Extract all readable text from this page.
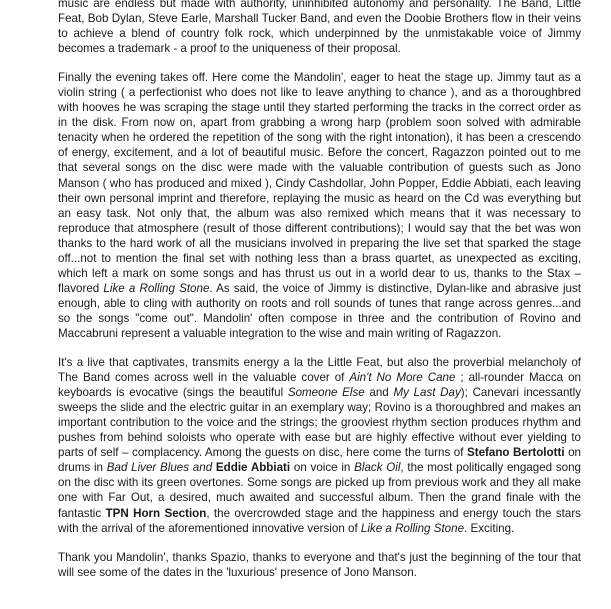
music are endless but made with authority, uninhibited autonomy and personality. The Band, Little Feat, Bob Dylan, Steve Earle, Marshall Tucker Band, and even the Doobie Brothers flow in their veins to achieve a blend of country folk rock, which underpinned by the unmistakable voice of Jimmy becomes a trademark - a proof to the uniqueness of their proposal.

Finally the evening takes off. Here come the Mandolin', eager to heat the stage up. Jimmy taut as a violin string ( a perfectionist who does not like to leave anything to chance ), and as a thoroughbred with hooves he was scraping the stage until they started performing the tracks in the correct order as in the disk. From now on, apart from grabbing a wrong harp (problem soon solved with admirable tenacity when he ordered the repetition of the song with the right intonation), it has been a crescendo of energy, excitement, and a lot of beautiful music. Before the concert, Ragazzon pointed out to me that several songs on the disc were made with the valuable contribution of guests such as Jono Manson ( who has produced and mixed ), Cindy Cashdollar, John Popper, Eddie Abbiati, each leaving their own personal imprint and therefore, replaying the music as heard on the Cd was everything but an easy task. Not only that, the album was also remixed which means that it was necessary to reproduce that atmosphere (result of those different contributions); I would say that the bet was won thanks to the hard work of all the musicians involved in preparing the live set that sparked the stage off...not to mention the final set with nothing less than a brass quartet, as unexpected as exciting, which left a mark on some songs and has thrust us out in a world dear to us, thanks to the Stax – flavored Like a Rolling Stone. As said, the voice of Jimmy is distinctive, Dylan-like and abrasive just enough, able to cling with authority on roots and roll sounds of tunes that range across genres...and so the songs "come out". Mandolin' often compose in three and the contribution of Rovino and Maccabruni represent a valuable integration to the wise and main writing of Ragazzon.

It's a live that captivates, transmits energy a la the Little Feat, but also the proverbial melancholy of The Band comes across well in the valuable cover of Ain't No More Cane ; all-rounder Macca on keyboards is evocative (sings the beautiful Someone Else and My Last Day); Canevari incessantly sweeps the slide and the electric guitar in an exemplary way; Rovino is a thoroughbred and makes an important contribution to the voice and the strings; the grooviest rhythm section produces rhythm and pushes from behind soloists who operate with ease but are highly effective without ever yielding to parts of self – complacency. Among the guests on disc, here come the turns of Stefano Bertolotti on drums in Bad Liver Blues and Eddie Abbiati on voice in Black Oil, the most politically engaged song on the disc with its green overtones. Some songs are picked up from previous work and they all make one with Far Out, a desired, much awaited and successful album. Then the grand finale with the fantastic TPN Horn Section, the overcrowded stage and the happiness and energy touch the stars with the arrival of the aforementioned innovative version of Like a Rolling Stone. Exciting.

Thank you Mandolin', thanks Spazio, thanks to everyone and that's just the beginning of the tour that will see some of the dates in the 'luxurious' presence of Jono Manson.
